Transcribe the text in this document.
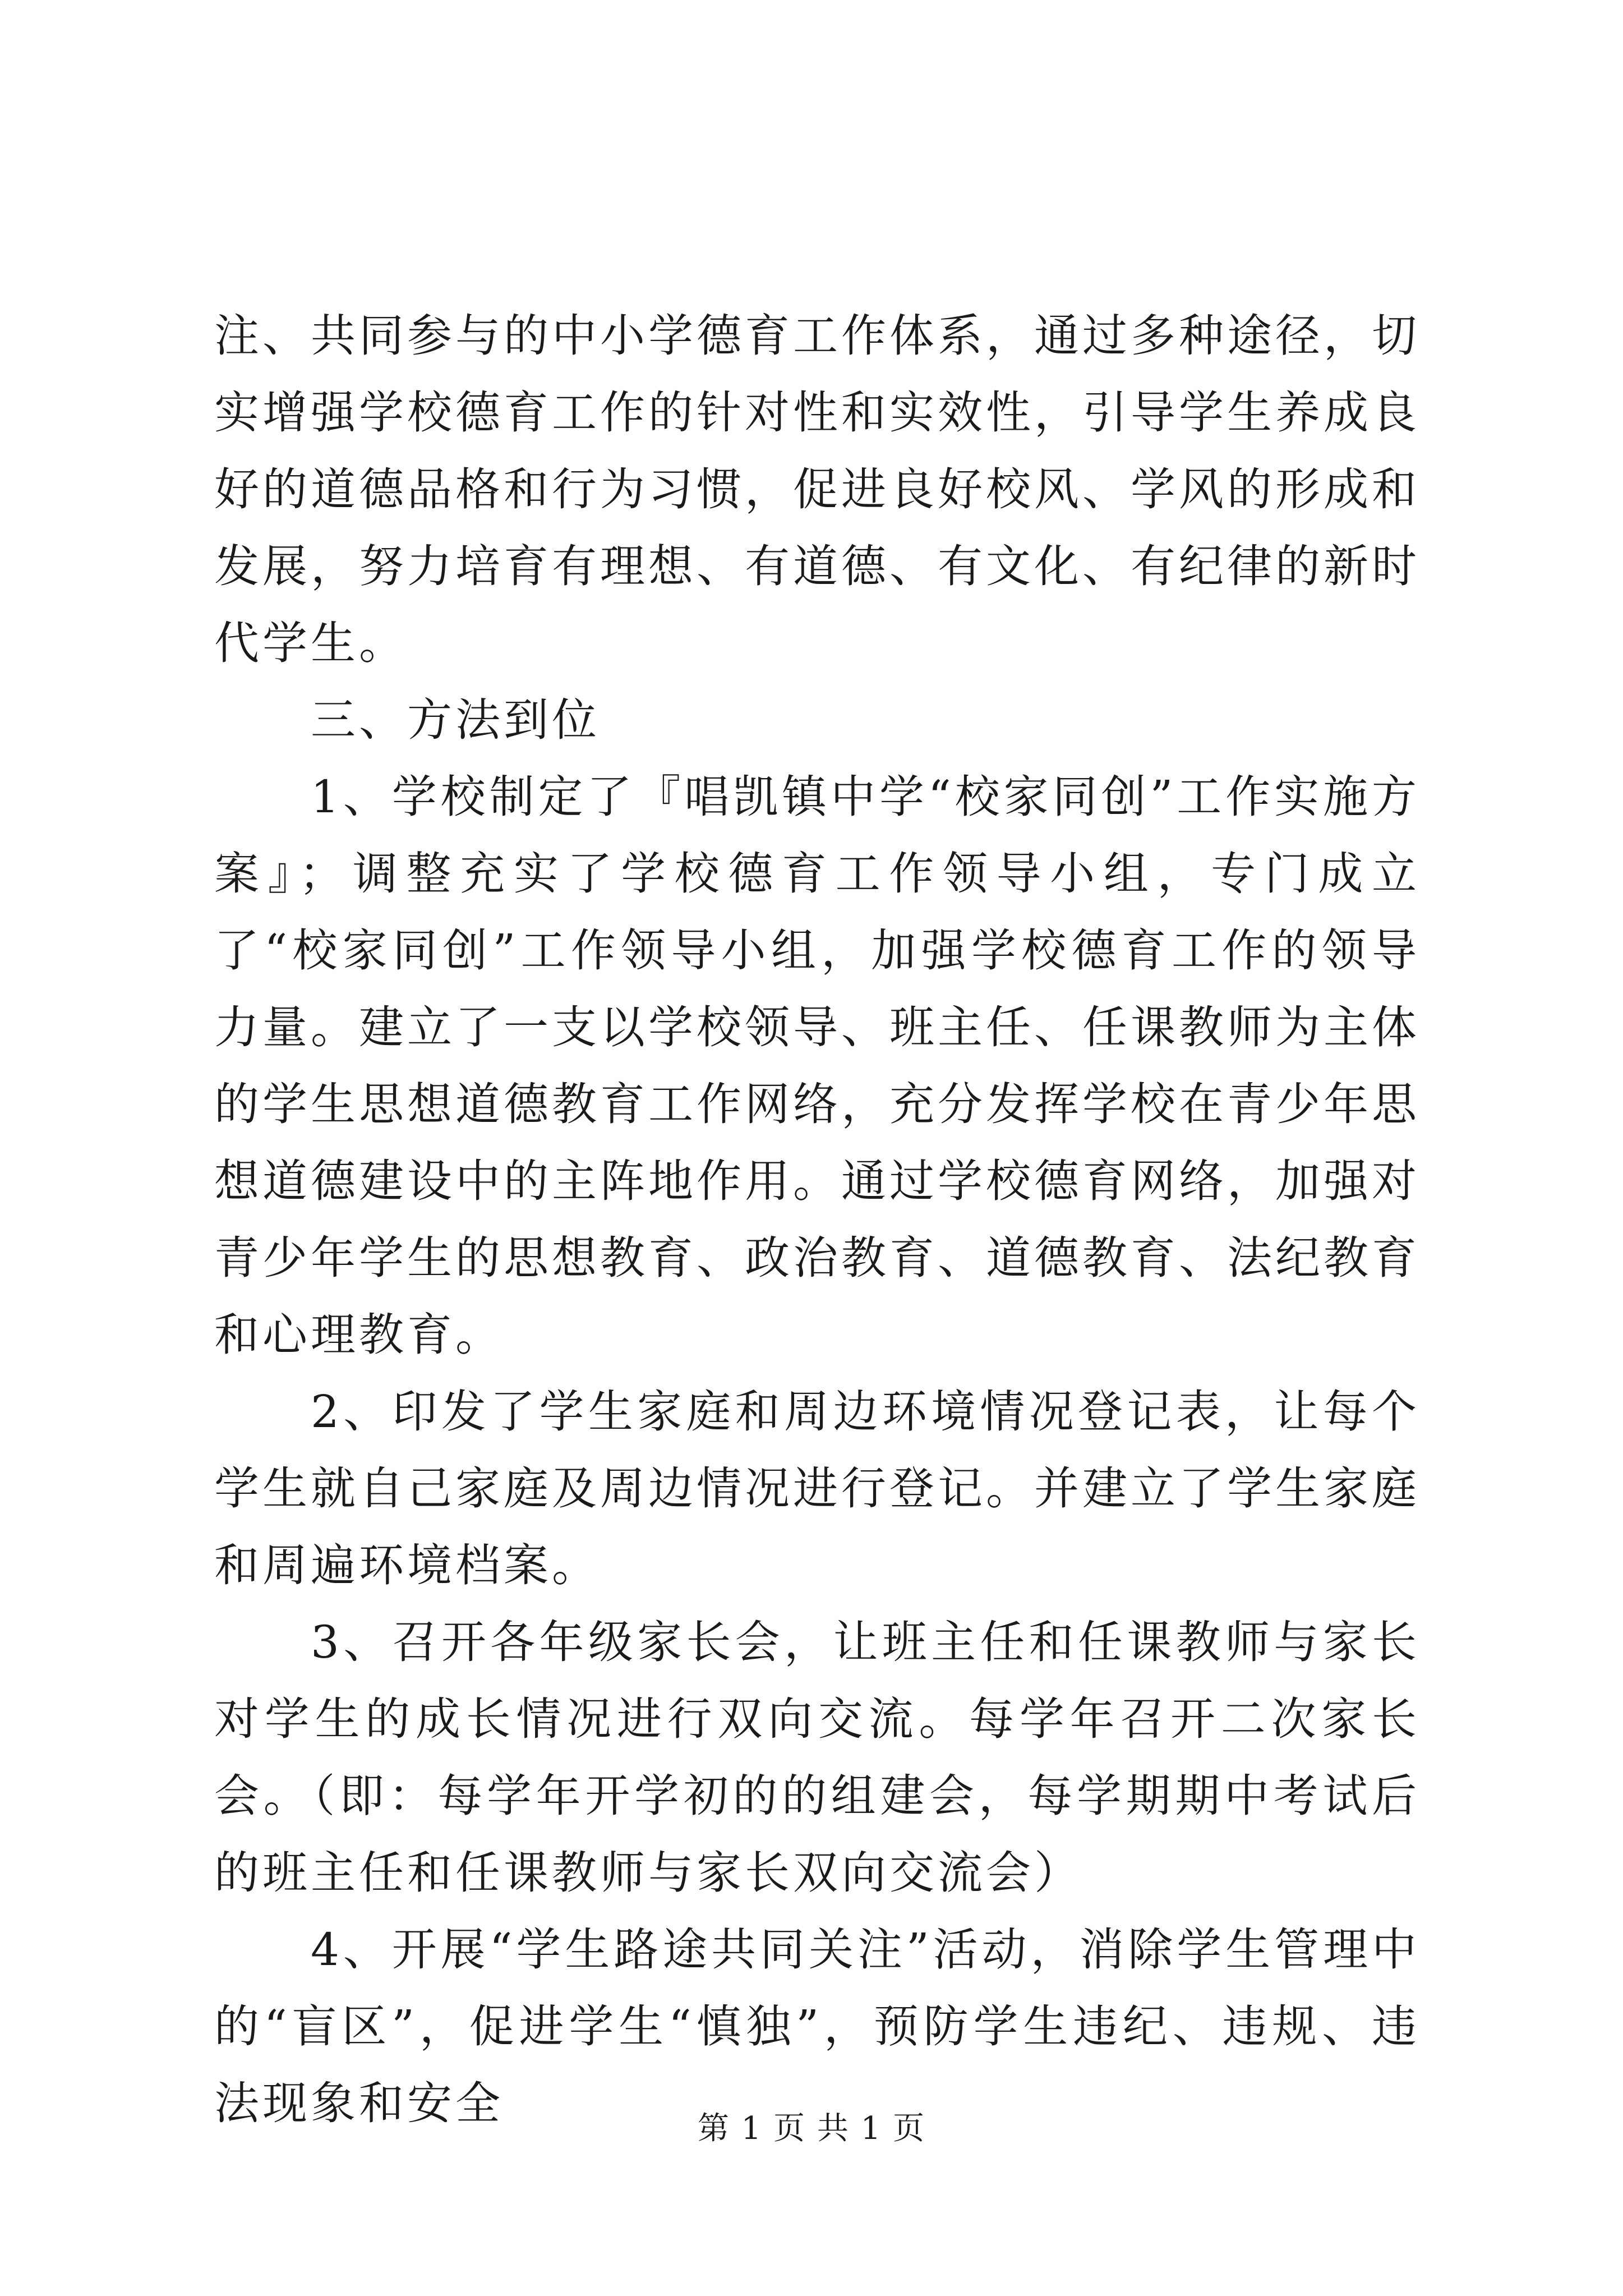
注、共同参与的中小学德育工作体系，通过多种途径，切实增强学校德育工作的针对性和实效性，引导学生养成良好的道德品格和行为习惯，促进良好校风、学风的形成和发展，努力培育有理想、有道德、有文化、有纪律的新时代学生。

三、方法到位

1、学校制定了『唱凯镇中学“校家同创”工作实施方案』；调整充实了学校德育工作领导小组，专门成立了“校家同创”工作领导小组，加强学校德育工作的领导力量。建立了一支以学校领导、班主任、任课教师为主体的学生思想道德教育工作网络，充分发挥学校在青少年思想道德建设中的主阵地作用。通过学校德育网络，加强对青少年学生的思想教育、政治教育、道德教育、法纪教育和心理教育。

2、印发了学生家庭和周边环境情况登记表，让每个学生就自己家庭及周边情况进行登记。并建立了学生家庭和周遍环境档案。

3、召开各年级家长会，让班主任和任课教师与家长对学生的成长情况进行双向交流。每学年召开二次家长会。（即：每学年开学初的的组建会，每学期期中考试后的班主任和任课教师与家长双向交流会）

4、开展“学生路途共同关注”活动，消除学生管理中的“盲区”，促进学生“慎独”，预防学生违纪、违规、违法现象和安全	第 1 页 共 1 页
